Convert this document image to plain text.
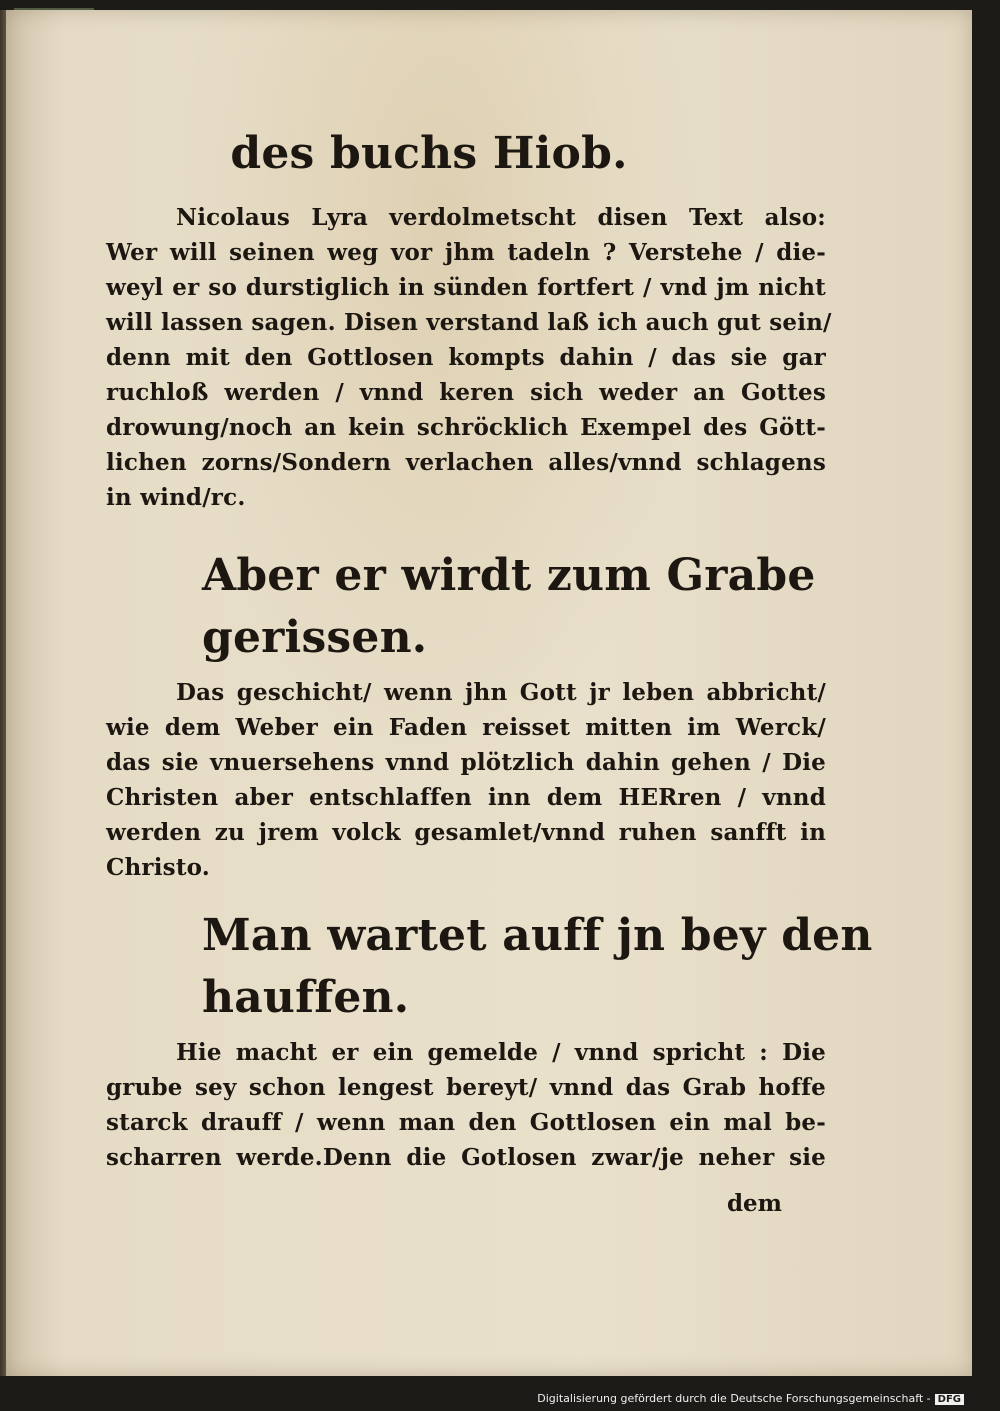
des buchs Hiob.
Nicolaus Lyra verdolmetscht disen Text also:
Wer will seinen weg vor jhm tadeln ? Verstehe / die-
weyl er so durstiglich in sünden fortfert / vnd jm nicht
will lassen sagen. Disen verstand laß ich auch gut sein/
denn mit den Gottlosen kompts dahin / das sie gar
ruchloß werden / vnnd keren sich weder an Gottes
drowung/noch an kein schröcklich Exempel des Gött-
lichen zorns/Sondern verlachen alles/vnnd schlagens
in wind/rc.
Aber er wirdt zum Grabe
gerissen.
Das geschicht/ wenn jhn Gott jr leben abbricht/
wie dem Weber ein Faden reisset mitten im Werck/
das sie vnuersehens vnnd plötzlich dahin gehen / Die
Christen aber entschlaffen inn dem HERren / vnnd
werden zu jrem volck gesamlet/vnnd ruhen sanfft in
Christo.
Man wartet auff jn bey den
hauffen.
Hie macht er ein gemelde / vnnd spricht : Die
grube sey schon lengest bereyt/ vnnd das Grab hoffe
starck drauff / wenn man den Gottlosen ein mal be-
scharren werde.Denn die Gotlosen zwar/je neher sie
dem
Digitalisierung gefördert durch die Deutsche Forschungsgemeinschaft - DFG
